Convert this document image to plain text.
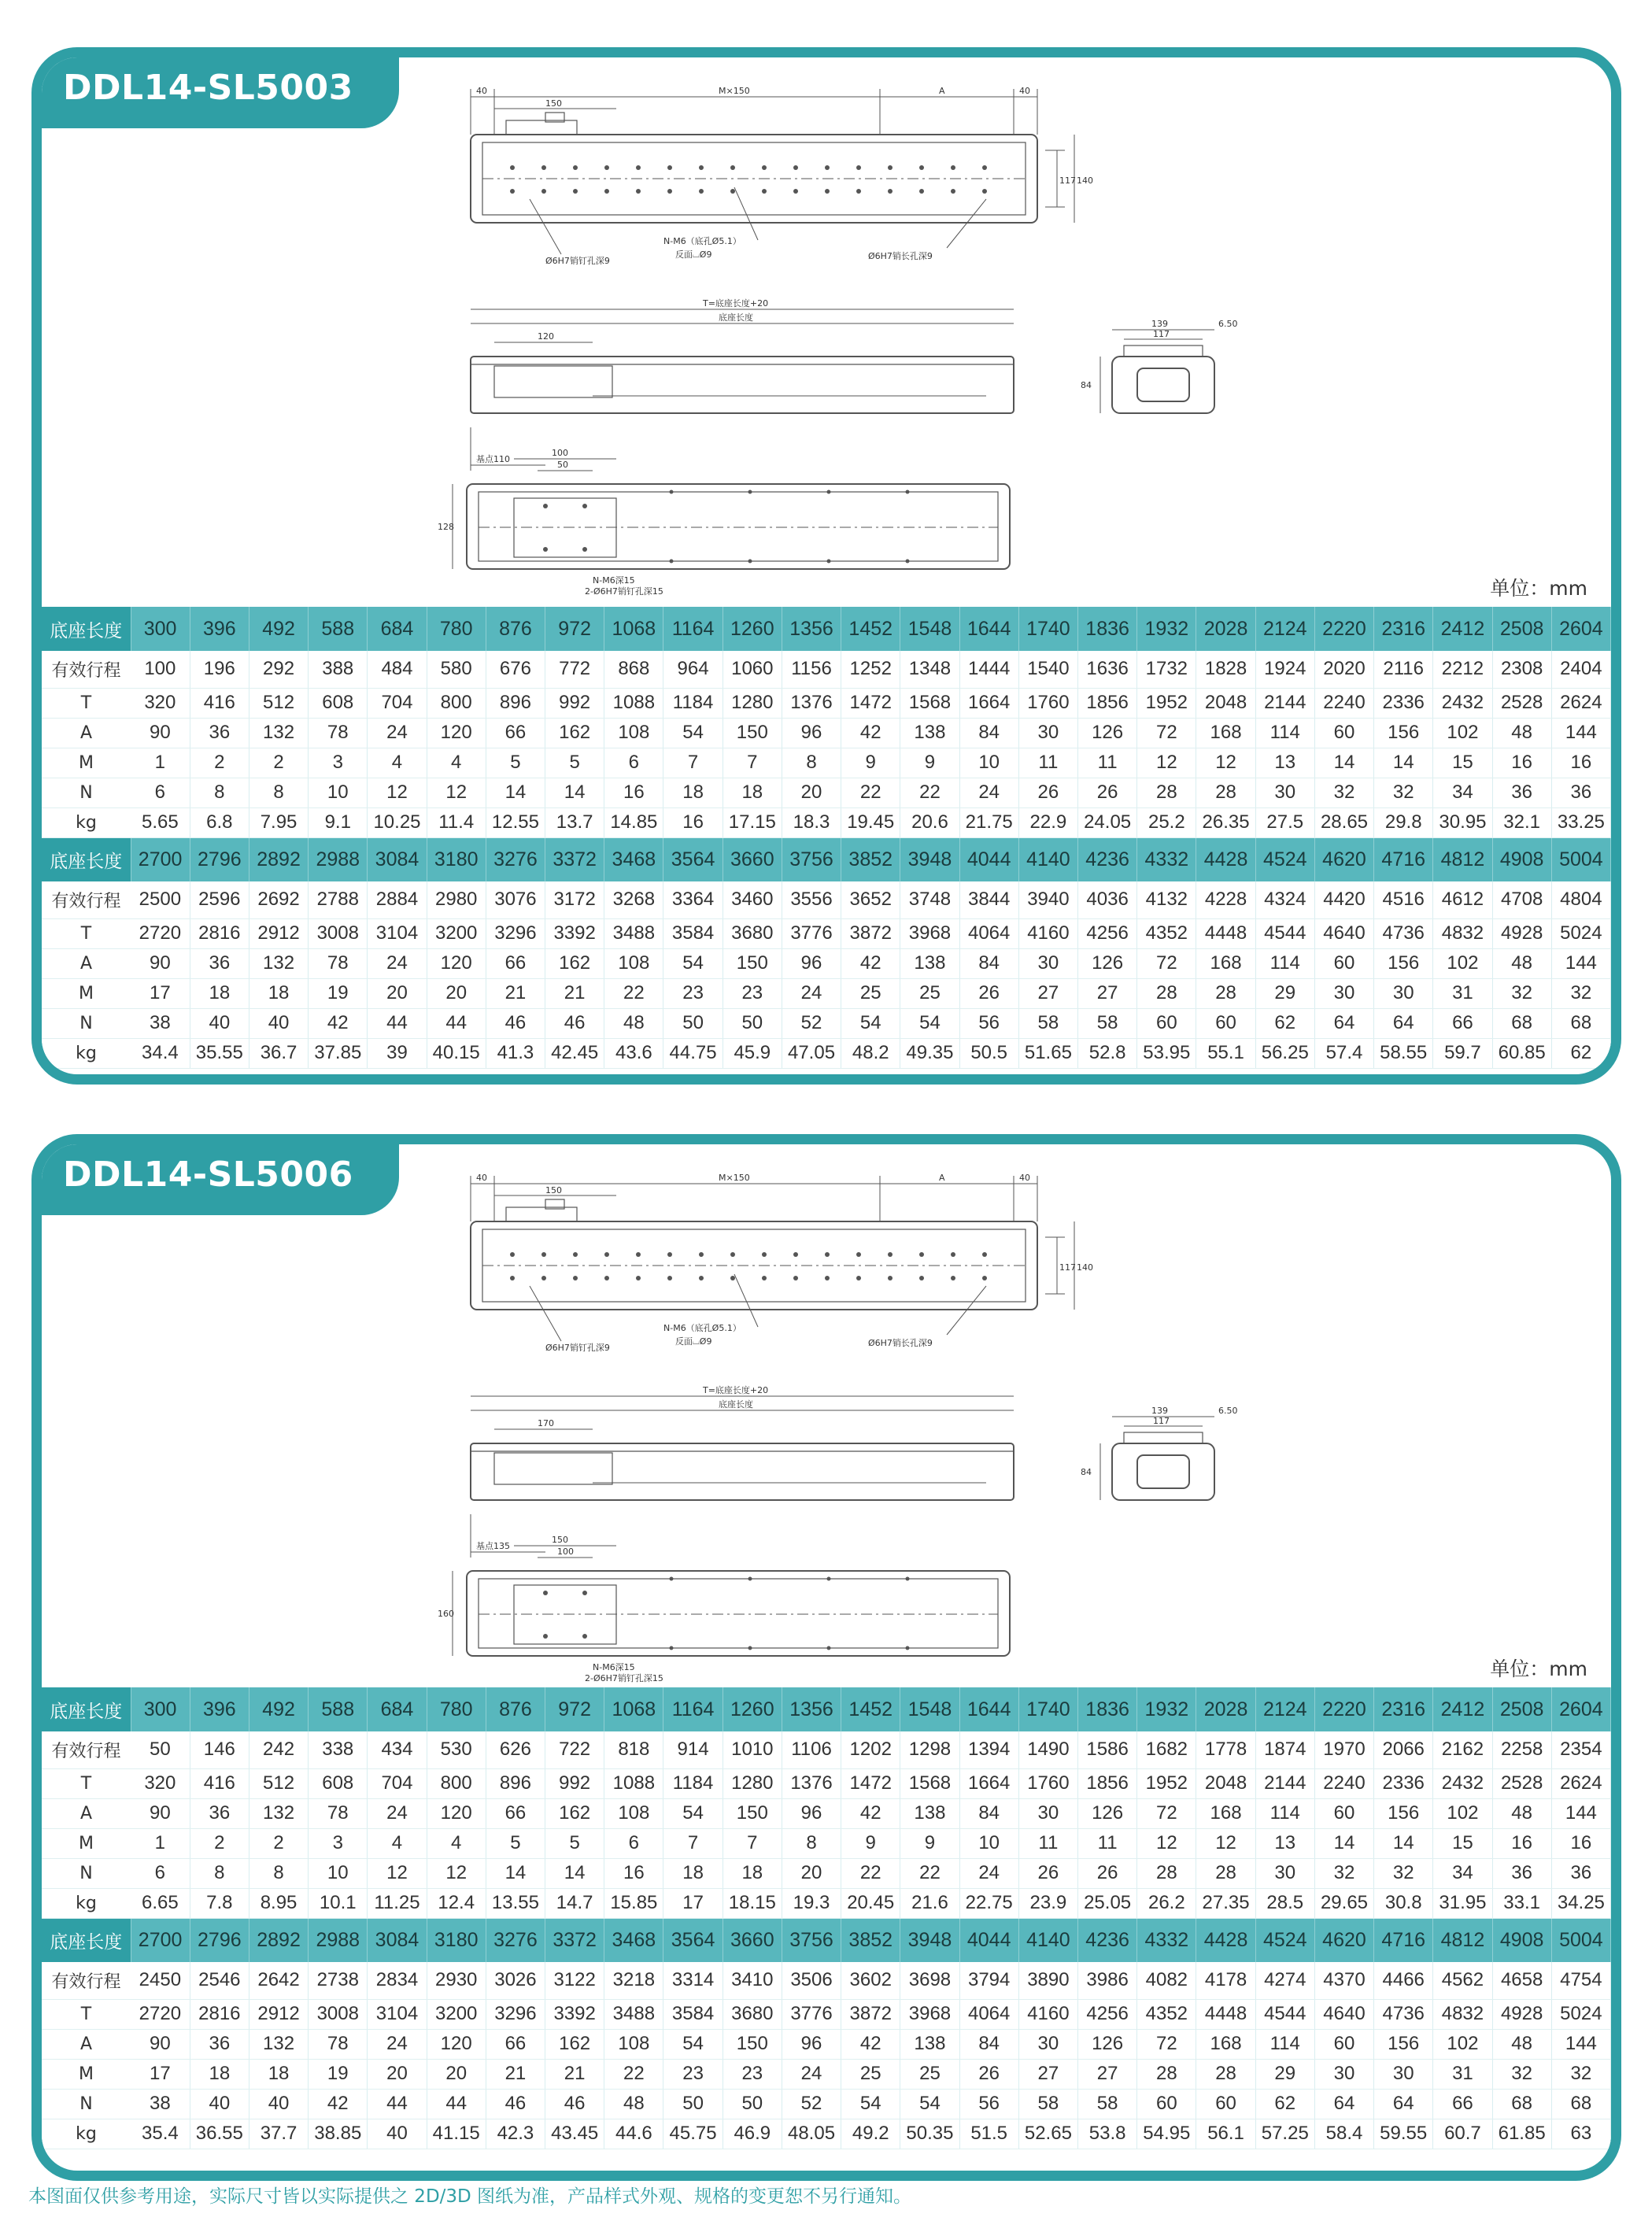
DDL14-SL5003	40
150
M×150	A	40
117 140
Ø6H7销钉孔深9
N-M6（底孔Ø5.1）
反面⌴Ø9	Ø6H7销长孔深9
T=底座长度+20
底座长度
120
基点110
139
117
6.50
84
100
50
128
N-M6深15
2-Ø6H7销钉孔深15	单位：mm
底座长度	300	396	492	588	684	780	876	972	1068	1164	1260	1356	1452	1548	1644	1740	1836	1932	2028	2124	2220	2316	2412	2508	2604
有效行程	100	196	292	388	484	580	676	772	868	964	1060	1156	1252	1348	1444	1540	1636	1732	1828	1924	2020	2116	2212	2308	2404
T	320	416	512	608	704	800	896	992	1088	1184	1280	1376	1472	1568	1664	1760	1856	1952	2048	2144	2240	2336	2432	2528	2624
A	90	36	132	78	24	120	66	162	108	54	150	96	42	138	84	30	126	72	168	114	60	156	102	48	144
M	1	2	2	3	4	4	5	5	6	7	7	8	9	9	10	11	11	12	12	13	14	14	15	16	16
N	6	8	8	10	12	12	14	14	16	18	18	20	22	22	24	26	26	28	28	30	32	32	34	36	36
kg	5.65	6.8	7.95	9.1	10.25	11.4	12.55	13.7	14.85	16	17.15	18.3	19.45	20.6	21.75	22.9	24.05	25.2	26.35	27.5	28.65	29.8	30.95	32.1	33.25
底座长度	2700	2796	2892	2988	3084	3180	3276	3372	3468	3564	3660	3756	3852	3948	4044	4140	4236	4332	4428	4524	4620	4716	4812	4908	5004
有效行程	2500	2596	2692	2788	2884	2980	3076	3172	3268	3364	3460	3556	3652	3748	3844	3940	4036	4132	4228	4324	4420	4516	4612	4708	4804
T	2720	2816	2912	3008	3104	3200	3296	3392	3488	3584	3680	3776	3872	3968	4064	4160	4256	4352	4448	4544	4640	4736	4832	4928	5024
A	90	36	132	78	24	120	66	162	108	54	150	96	42	138	84	30	126	72	168	114	60	156	102	48	144
M	17	18	18	19	20	20	21	21	22	23	23	24	25	25	26	27	27	28	28	29	30	30	31	32	32
N	38	40	40	42	44	44	46	46	48	50	50	52	54	54	56	58	58	60	60	62	64	64	66	68	68
kg	34.4	35.55	36.7	37.85	39	40.15	41.3	42.45	43.6	44.75	45.9	47.05	48.2	49.35	50.5	51.65	52.8	53.95	55.1	56.25	57.4	58.55	59.7	60.85	62
DDL14-SL5006	40
150
M×150	A	40
117 140
Ø6H7销钉孔深9
N-M6（底孔Ø5.1）
反面⌴Ø9	Ø6H7销长孔深9
T=底座长度+20
底座长度
170
基点135
139
117
6.50
84
150
100
160
N-M6深15
2-Ø6H7销钉孔深15	单位：mm
底座长度	300	396	492	588	684	780	876	972	1068	1164	1260	1356	1452	1548	1644	1740	1836	1932	2028	2124	2220	2316	2412	2508	2604
有效行程	50	146	242	338	434	530	626	722	818	914	1010	1106	1202	1298	1394	1490	1586	1682	1778	1874	1970	2066	2162	2258	2354
T	320	416	512	608	704	800	896	992	1088	1184	1280	1376	1472	1568	1664	1760	1856	1952	2048	2144	2240	2336	2432	2528	2624
A	90	36	132	78	24	120	66	162	108	54	150	96	42	138	84	30	126	72	168	114	60	156	102	48	144
M	1	2	2	3	4	4	5	5	6	7	7	8	9	9	10	11	11	12	12	13	14	14	15	16	16
N	6	8	8	10	12	12	14	14	16	18	18	20	22	22	24	26	26	28	28	30	32	32	34	36	36
kg	6.65	7.8	8.95	10.1	11.25	12.4	13.55	14.7	15.85	17	18.15	19.3	20.45	21.6	22.75	23.9	25.05	26.2	27.35	28.5	29.65	30.8	31.95	33.1	34.25
底座长度	2700	2796	2892	2988	3084	3180	3276	3372	3468	3564	3660	3756	3852	3948	4044	4140	4236	4332	4428	4524	4620	4716	4812	4908	5004
有效行程	2450	2546	2642	2738	2834	2930	3026	3122	3218	3314	3410	3506	3602	3698	3794	3890	3986	4082	4178	4274	4370	4466	4562	4658	4754
T	2720	2816	2912	3008	3104	3200	3296	3392	3488	3584	3680	3776	3872	3968	4064	4160	4256	4352	4448	4544	4640	4736	4832	4928	5024
A	90	36	132	78	24	120	66	162	108	54	150	96	42	138	84	30	126	72	168	114	60	156	102	48	144
M	17	18	18	19	20	20	21	21	22	23	23	24	25	25	26	27	27	28	28	29	30	30	31	32	32
N	38	40	40	42	44	44	46	46	48	50	50	52	54	54	56	58	58	60	60	62	64	64	66	68	68
kg	35.4	36.55	37.7	38.85	40	41.15	42.3	43.45	44.6	45.75	46.9	48.05	49.2	50.35	51.5	52.65	53.8	54.95	56.1	57.25	58.4	59.55	60.7	61.85	63
本图面仅供参考用途，实际尺寸皆以实际提供之 2D/3D 图纸为准，产品样式外观、规格的变更恕不另行通知。
